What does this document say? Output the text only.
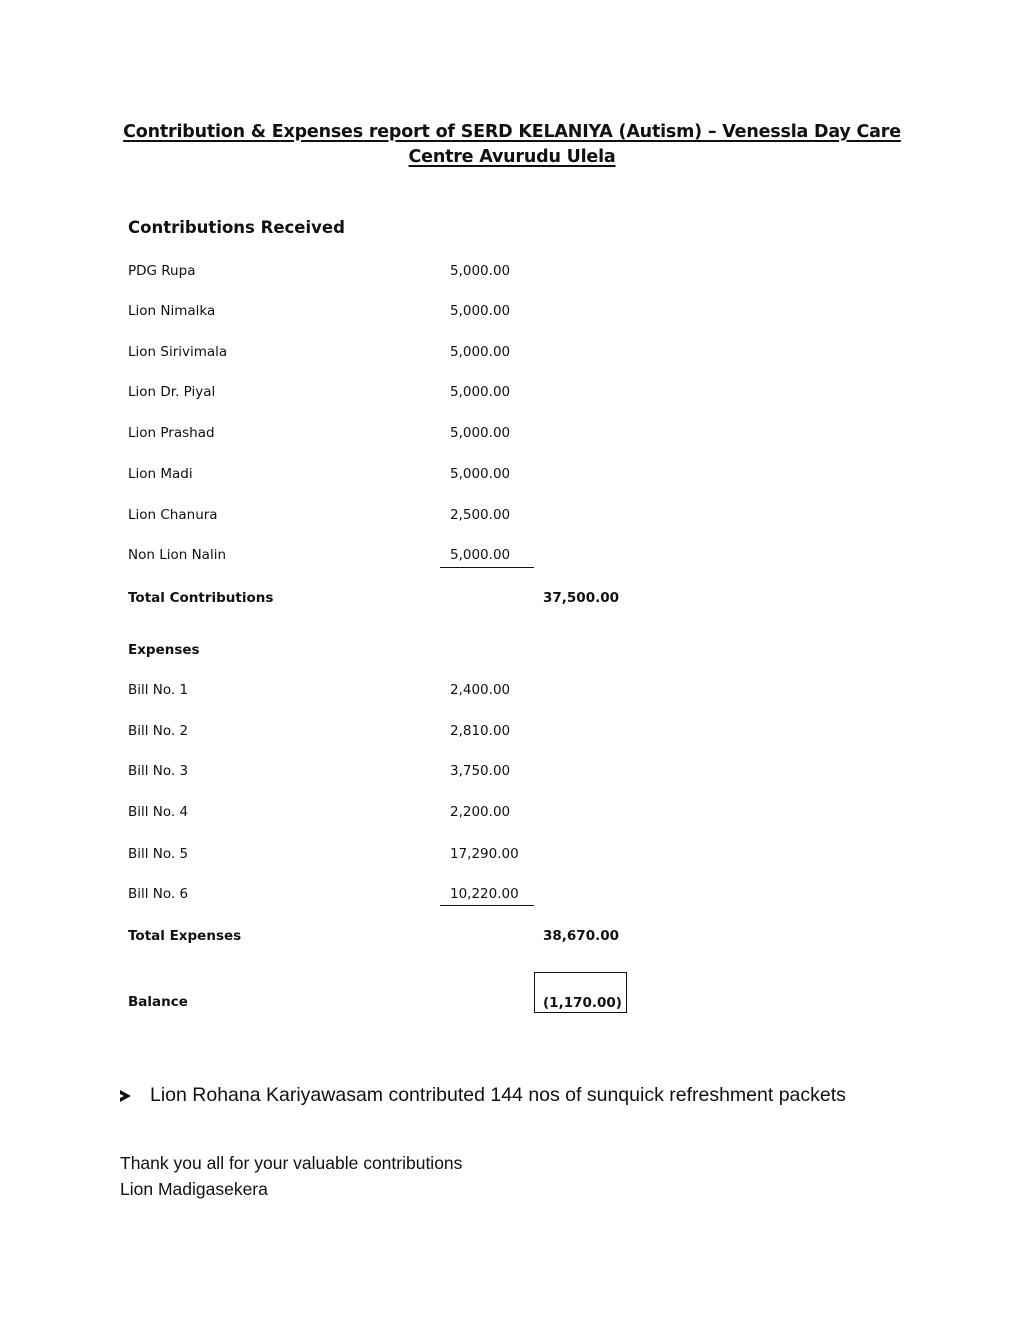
Contribution & Expenses report of SERD KELANIYA (Autism) – Venessla Day Care
Centre Avurudu Ulela
Contributions Received
PDG Rupa	5,000.00
Lion Nimalka	5,000.00
Lion Sirivimala	5,000.00
Lion Dr. Piyal	5,000.00
Lion Prashad	5,000.00
Lion Madi	5,000.00
Lion Chanura	2,500.00
Non Lion Nalin	5,000.00
Total Contributions	37,500.00
Expenses
Bill No. 1	2,400.00
Bill No. 2	2,810.00
Bill No. 3	3,750.00
Bill No. 4	2,200.00
Bill No. 5	17,290.00
Bill No. 6	10,220.00
Total Expenses	38,670.00
Balance	(1,170.00)
Lion Rohana Kariyawasam contributed 144 nos of sunquick refreshment packets
Thank you all for your valuable contributions
Lion Madigasekera
